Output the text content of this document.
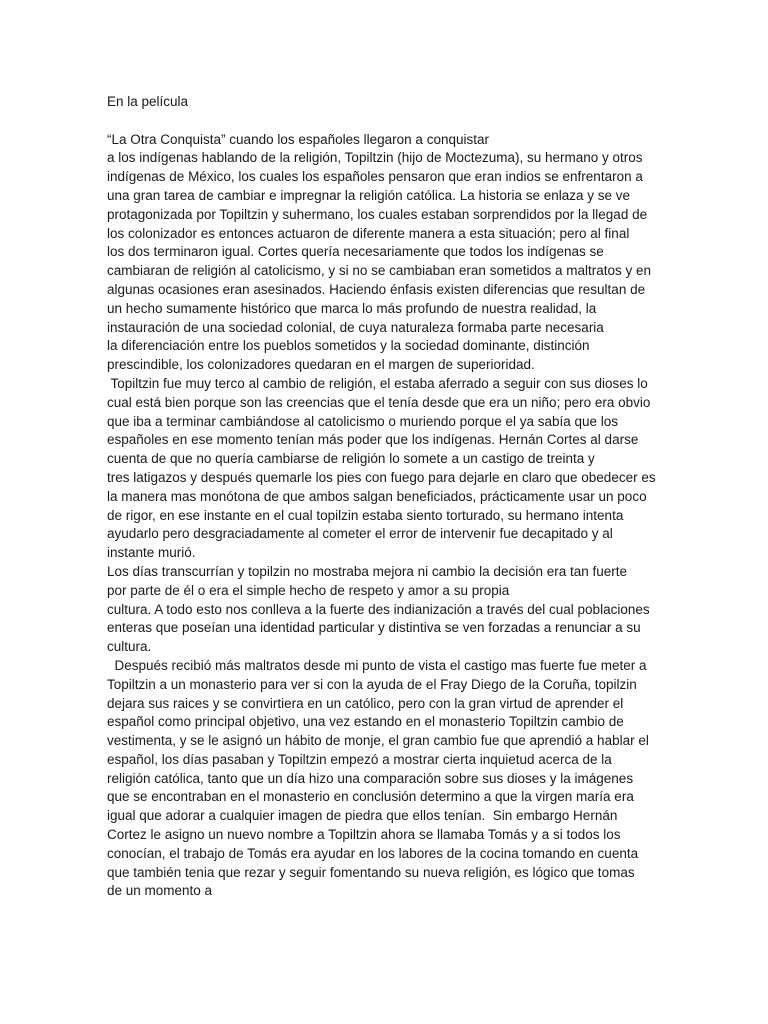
En la película
“La Otra Conquista” cuando los españoles llegaron a conquistar
a los indígenas hablando de la religión, Topiltzin (hijo de Moctezuma), su hermano y otros
indígenas de México, los cuales los españoles pensaron que eran indios se enfrentaron a
una gran tarea de cambiar e impregnar la religión católica. La historia se enlaza y se ve
protagonizada por Topiltzin y suhermano, los cuales estaban sorprendidos por la llegad de
los colonizador es entonces actuaron de diferente manera a esta situación; pero al final
los dos terminaron igual. Cortes quería necesariamente que todos los indígenas se
cambiaran de religión al catolicismo, y si no se cambiaban eran sometidos a maltratos y en
algunas ocasiones eran asesinados. Haciendo énfasis existen diferencias que resultan de
un hecho sumamente histórico que marca lo más profundo de nuestra realidad, la
instauración de una sociedad colonial, de cuya naturaleza formaba parte necesaria
la diferenciación entre los pueblos sometidos y la sociedad dominante, distinción
prescindible, los colonizadores quedaran en el margen de superioridad.
Topiltzin fue muy terco al cambio de religión, el estaba aferrado a seguir con sus dioses lo
cual está bien porque son las creencias que el tenía desde que era un niño; pero era obvio
que iba a terminar cambiándose al catolicismo o muriendo porque el ya sabía que los
españoles en ese momento tenían más poder que los indígenas. Hernán Cortes al darse
cuenta de que no quería cambiarse de religión lo somete a un castigo de treinta y
tres latigazos y después quemarle los pies con fuego para dejarle en claro que obedecer es
la manera mas monótona de que ambos salgan beneficiados, prácticamente usar un poco
de rigor, en ese instante en el cual topilzin estaba siento torturado, su hermano intenta
ayudarlo pero desgraciadamente al cometer el error de intervenir fue decapitado y al
instante murió.
Los días transcurrían y topilzin no mostraba mejora ni cambio la decisión era tan fuerte
por parte de él o era el simple hecho de respeto y amor a su propia
cultura. A todo esto nos conlleva a la fuerte des indianización a través del cual poblaciones
enteras que poseían una identidad particular y distintiva se ven forzadas a renunciar a su
cultura.
Después recibió más maltratos desde mi punto de vista el castigo mas fuerte fue meter a
Topiltzin a un monasterio para ver si con la ayuda de el Fray Diego de la Coruña, topilzin
dejara sus raices y se convirtiera en un católico, pero con la gran virtud de aprender el
español como principal objetivo, una vez estando en el monasterio Topiltzin cambio de
vestimenta, y se le asignó un hábito de monje, el gran cambio fue que aprendió a hablar el
español, los días pasaban y Topiltzin empezó a mostrar cierta inquietud acerca de la
religión católica, tanto que un día hizo una comparación sobre sus dioses y la imágenes
que se encontraban en el monasterio en conclusión determino a que la virgen maría era
igual que adorar a cualquier imagen de piedra que ellos tenían.  Sin embargo Hernán
Cortez le asigno un nuevo nombre a Topiltzin ahora se llamaba Tomás y a si todos los
conocían, el trabajo de Tomás era ayudar en los labores de la cocina tomando en cuenta
que también tenia que rezar y seguir fomentando su nueva religión, es lógico que tomas
de un momento a
